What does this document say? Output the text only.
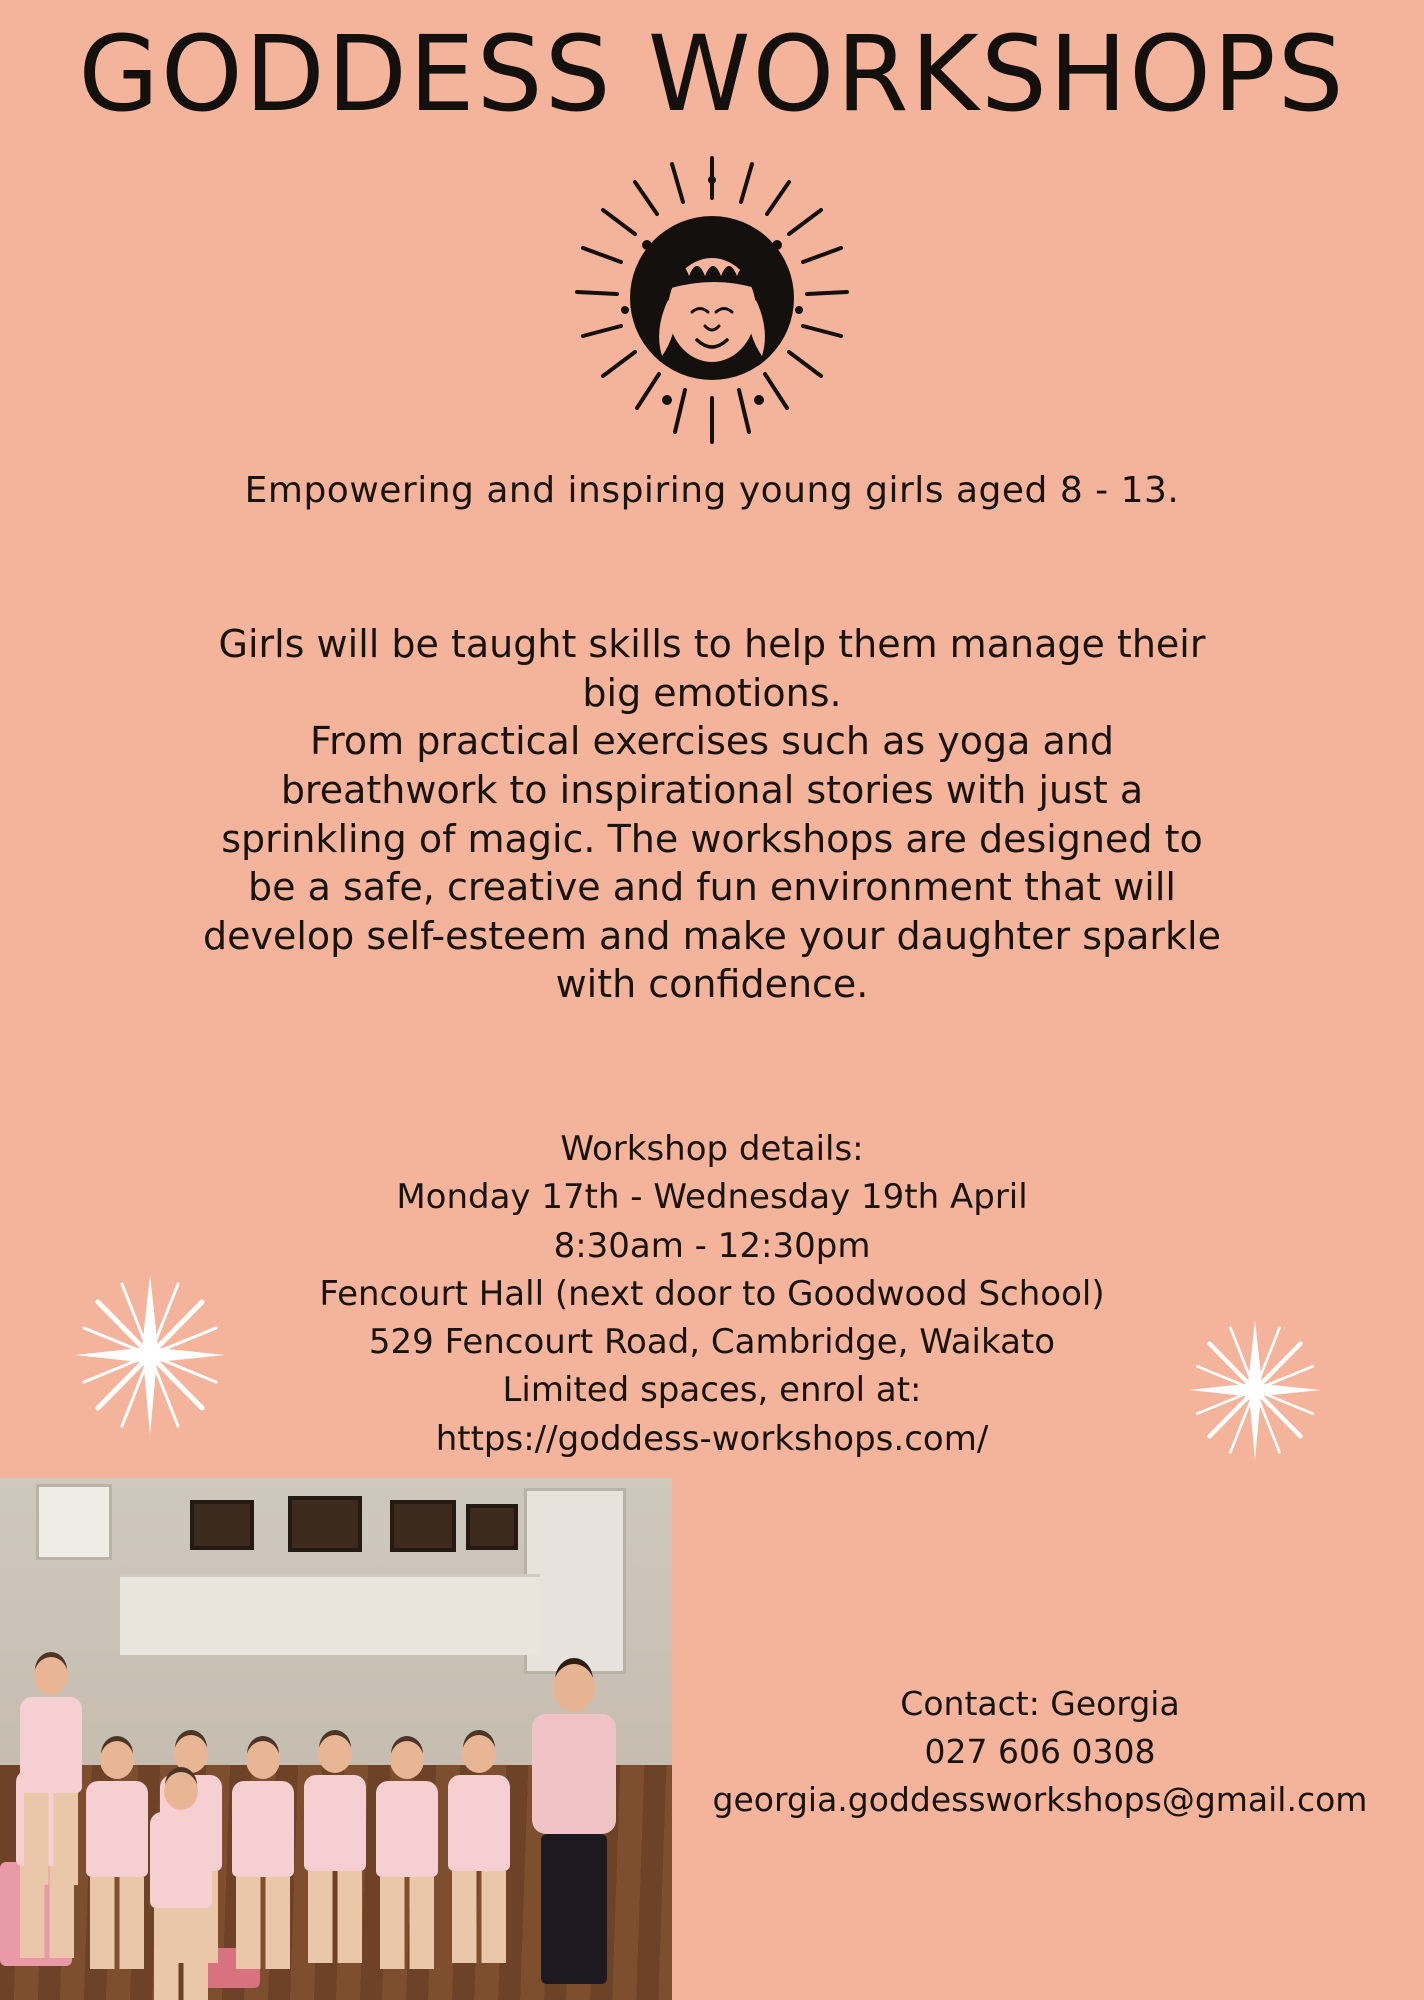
GODDESS WORKSHOPS
Empowering and inspiring young girls aged 8 - 13.
Girls will be taught skills to help them manage their
big emotions.
From practical exercises such as yoga and
breathwork to inspirational stories with just a
sprinkling of magic. The workshops are designed to
be a safe, creative and fun environment that will
develop self-esteem and make your daughter sparkle
with confidence.
Workshop details:
Monday 17th - Wednesday 19th April
8:30am - 12:30pm
Fencourt Hall (next door to Goodwood School)
529 Fencourt Road, Cambridge, Waikato
Limited spaces, enrol at:
https://goddess-workshops.com/
Contact: Georgia
027 606 0308
georgia.goddessworkshops@gmail.com
